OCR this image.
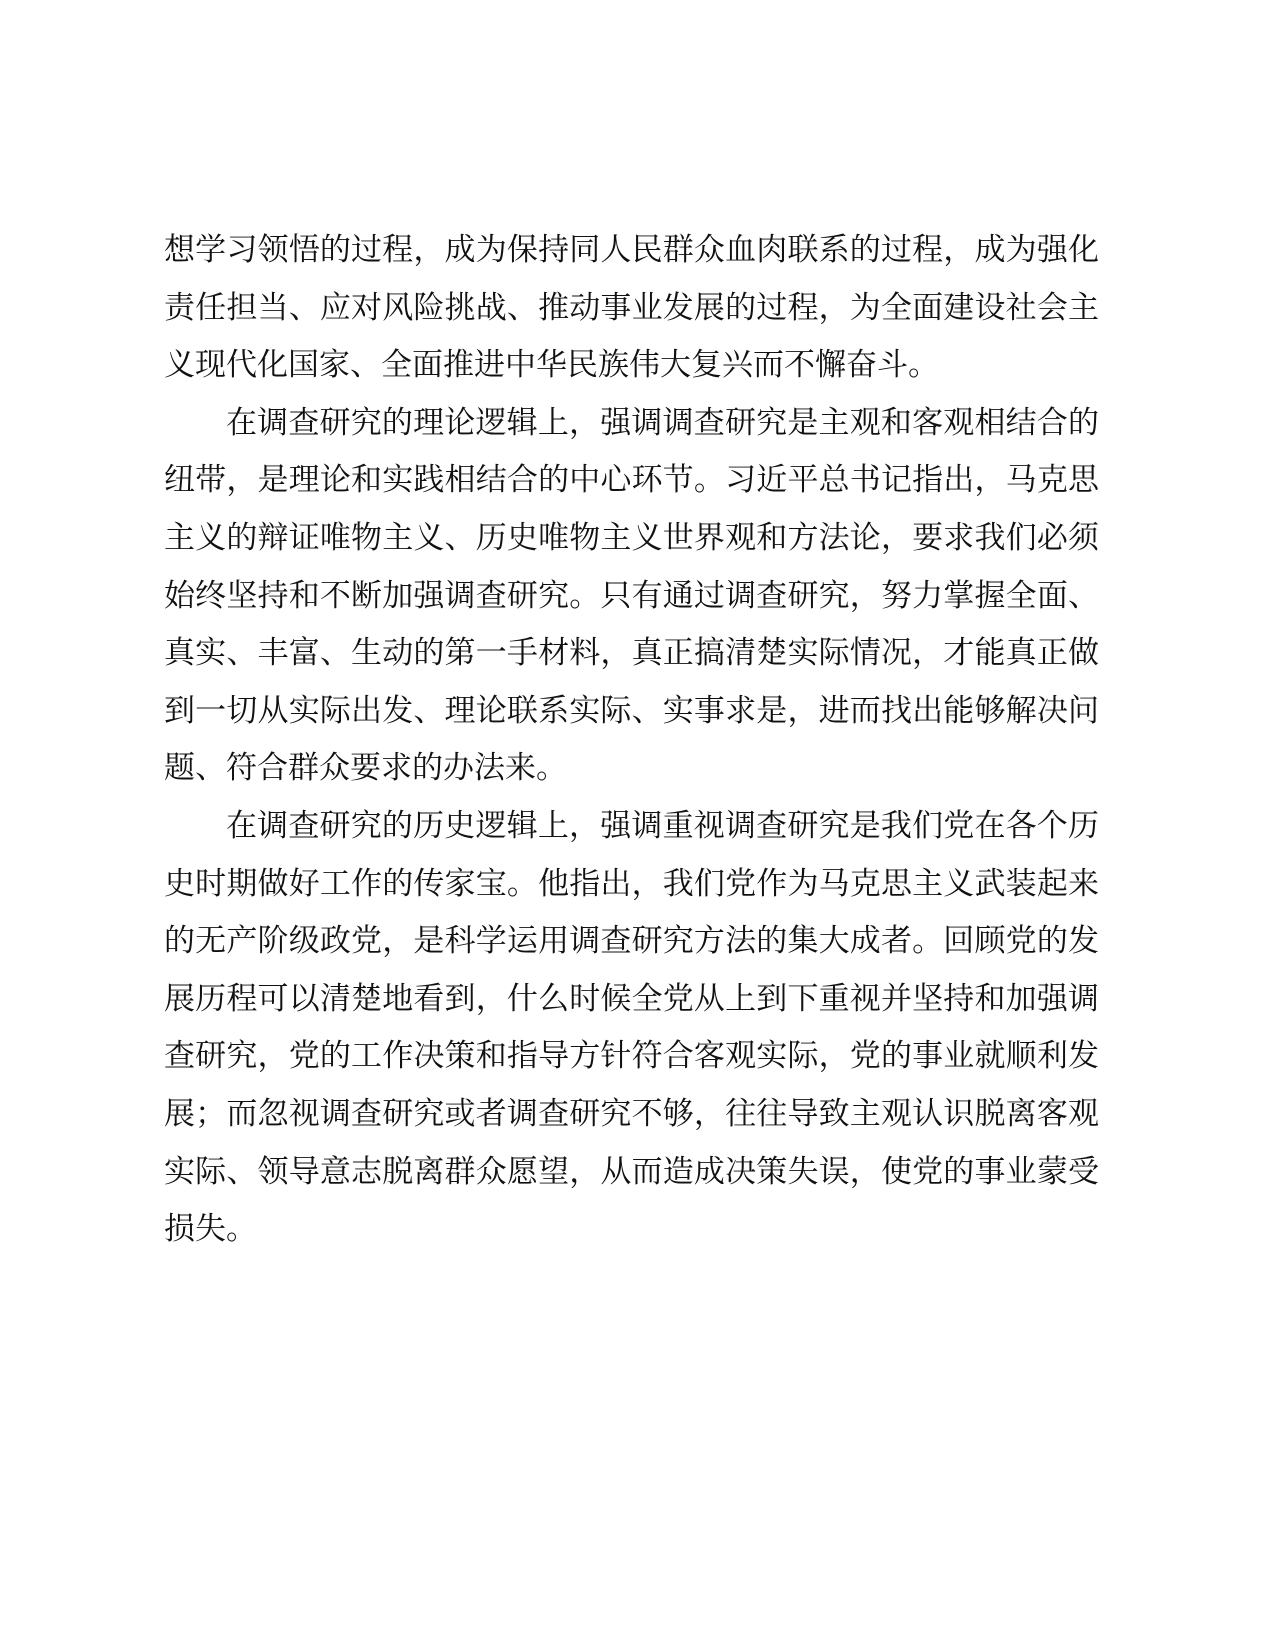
想学习领悟的过程，成为保持同人民群众血肉联系的过程，成为强化责任担当、应对风险挑战、推动事业发展的过程，为全面建设社会主义现代化国家、全面推进中华民族伟大复兴而不懈奋斗。

在调查研究的理论逻辑上，强调调查研究是主观和客观相结合的纽带，是理论和实践相结合的中心环节。习近平总书记指出，马克思主义的辩证唯物主义、历史唯物主义世界观和方法论，要求我们必须始终坚持和不断加强调查研究。只有通过调查研究，努力掌握全面、真实、丰富、生动的第一手材料，真正搞清楚实际情况，才能真正做到一切从实际出发、理论联系实际、实事求是，进而找出能够解决问题、符合群众要求的办法来。

在调查研究的历史逻辑上，强调重视调查研究是我们党在各个历史时期做好工作的传家宝。他指出，我们党作为马克思主义武装起来的无产阶级政党，是科学运用调查研究方法的集大成者。回顾党的发展历程可以清楚地看到，什么时候全党从上到下重视并坚持和加强调查研究，党的工作决策和指导方针符合客观实际，党的事业就顺利发展；而忽视调查研究或者调查研究不够，往往导致主观认识脱离客观实际、领导意志脱离群众愿望，从而造成决策失误，使党的事业蒙受损失。
